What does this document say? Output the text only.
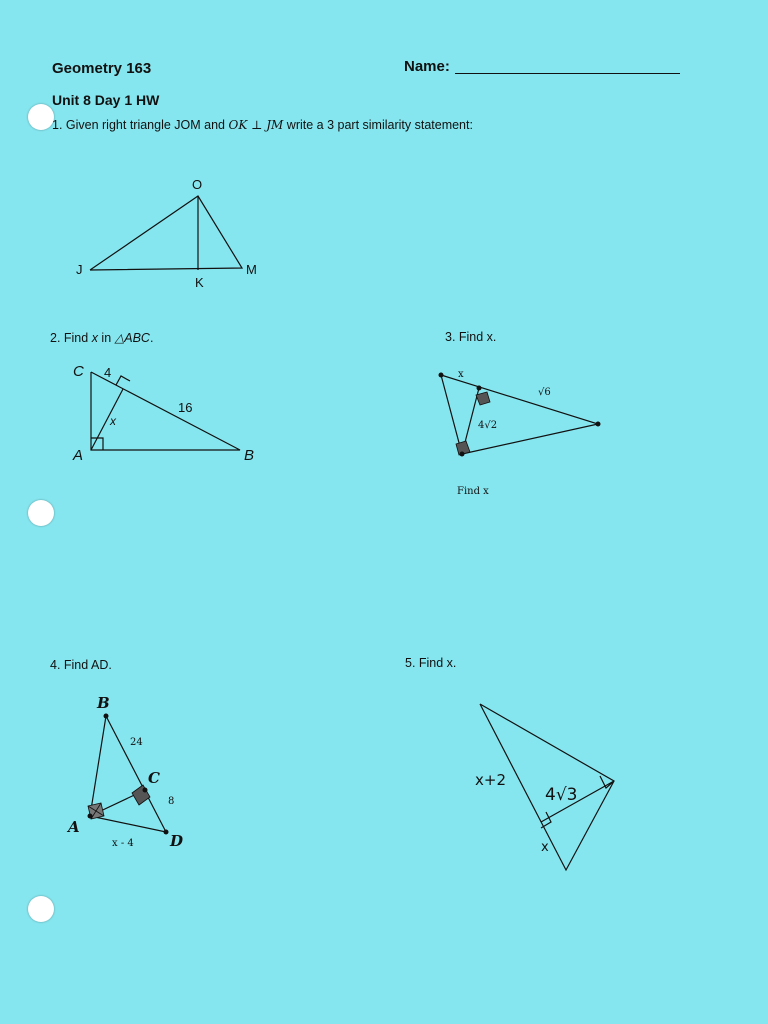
Geometry 163	Name:
Unit 8 Day 1 HW
1. Given right triangle JOM and OK ⊥ JM write a 3 part similarity statement:
2. Find x in △ABC.	3. Find x.
4. Find AD.	5. Find x.
O
J
K
M
C
A	B
4
16
x
x
√6
4√2
Find x
B
C
A
D
24
8
x - 4
x+2
4√3
x
